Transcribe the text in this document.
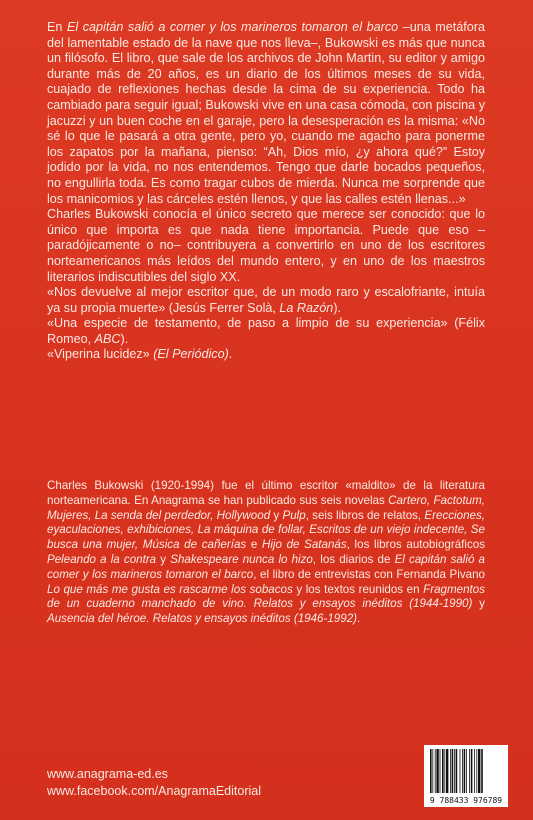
En El capitán salió a comer y los marineros tomaron el barco –una metáfora del lamentable estado de la nave que nos lleva–, Bukowski es más que nunca un filósofo. El libro, que sale de los archivos de John Martin, su editor y amigo durante más de 20 años, es un diario de los últimos meses de su vida, cuajado de reflexiones hechas desde la cima de su experiencia. Todo ha cambiado para seguir igual; Bukowski vive en una casa cómoda, con piscina y jacuzzi y un buen coche en el garaje, pero la desesperación es la misma: «No sé lo que le pasará a otra gente, pero yo, cuando me agacho para ponerme los zapatos por la mañana, pienso: “Ah, Dios mío, ¿y ahora qué?” Estoy jodido por la vida, no nos entendemos. Tengo que darle bocados pequeños, no engullirla toda. Es como tragar cubos de mierda. Nunca me sorprende que los manicomios y las cárceles estén llenos, y que las calles estén llenas...»

Charles Bukowski conocía el único secreto que merece ser conocido: que lo único que importa es que nada tiene importancia. Puede que eso –paradójicamente o no– contribuyera a convertirlo en uno de los escritores norteamericanos más leídos del mundo entero, y en uno de los maestros literarios indiscutibles del siglo XX.

«Nos devuelve al mejor escritor que, de un modo raro y escalofriante, intuía ya su propia muerte» (Jesús Ferrer Solà, La Razón).

«Una especie de testamento, de paso a limpio de su experiencia» (Félix Romeo, ABC).

«Viperina lucidez» (El Periódico).

Charles Bukowski (1920-1994) fue el último escritor «maldito» de la literatura norteamericana. En Anagrama se han publicado sus seis novelas Cartero, Factotum, Mujeres, La senda del perdedor, Hollywood y Pulp, seis libros de relatos, Erecciones, eyaculaciones, exhibiciones, La máquina de follar, Escritos de un viejo indecente, Se busca una mujer, Música de cañerías e Hijo de Satanás, los libros autobiográficos Peleando a la contra y Shakespeare nunca lo hizo, los diarios de El capitán salió a comer y los marineros tomaron el barco, el libro de entrevistas con Fernanda Pivano Lo que más me gusta es rascarme los sobacos y los textos reunidos en Fragmentos de un cuaderno manchado de vino. Relatos y ensayos inéditos (1944-1990) y Ausencia del héroe. Relatos y ensayos inéditos (1946-1992).

www.anagrama-ed.es
www.facebook.com/AnagramaEditorial
9 788433 976789
